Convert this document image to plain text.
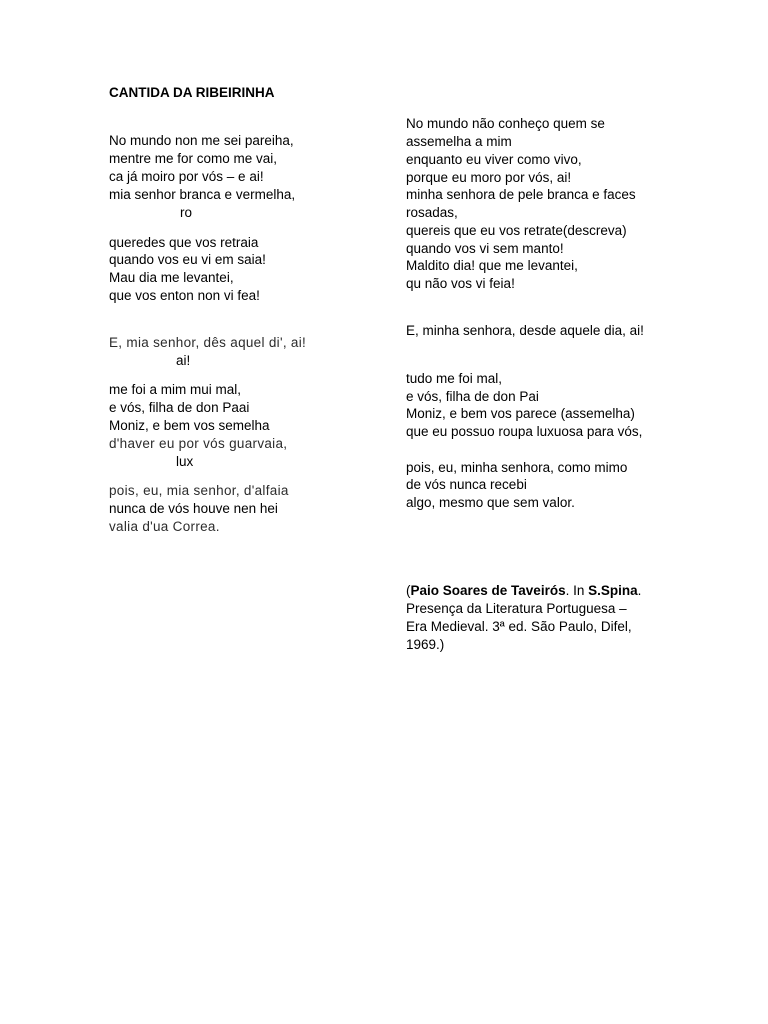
CANTIDA DA RIBEIRINHA
No mundo non me sei pareiha,
mentre me for como me vai,
ca já moiro por vós – e ai!
mia senhor branca e vermelha,
ro
queredes que vos retraia
quando vos eu vi em saia!
Mau dia me levantei,
que vos enton non vi fea!
E, mia senhor, dês aquel di', ai!
ai!
me foi a mim mui mal,
e vós, filha de don Paai
Moniz, e bem vos semelha
d'haver eu por vós guarvaia,
lux
pois, eu, mia senhor, d'alfaia
nunca de vós houve nen hei
valia d'ua Correa.
No mundo não conheço quem se
assemelha a mim
enquanto eu viver como vivo,
porque eu moro por vós, ai!
minha senhora de pele branca e faces
rosadas,
quereis que eu vos retrate(descreva)
quando vos vi sem manto!
Maldito dia! que me levantei,
qu não vos vi feia!
E, minha senhora, desde aquele dia, ai!
tudo me foi mal,
e vós, filha de don Pai
Moniz, e bem vos parece (assemelha)
que eu possuo roupa luxuosa para vós,
pois, eu, minha senhora, como mimo
de vós nunca recebi
algo, mesmo que sem valor.
(Paio Soares de Taveirós. In S.Spina.
Presença da Literatura Portuguesa –
Era Medieval. 3ª ed. São Paulo, Difel,
1969.)
